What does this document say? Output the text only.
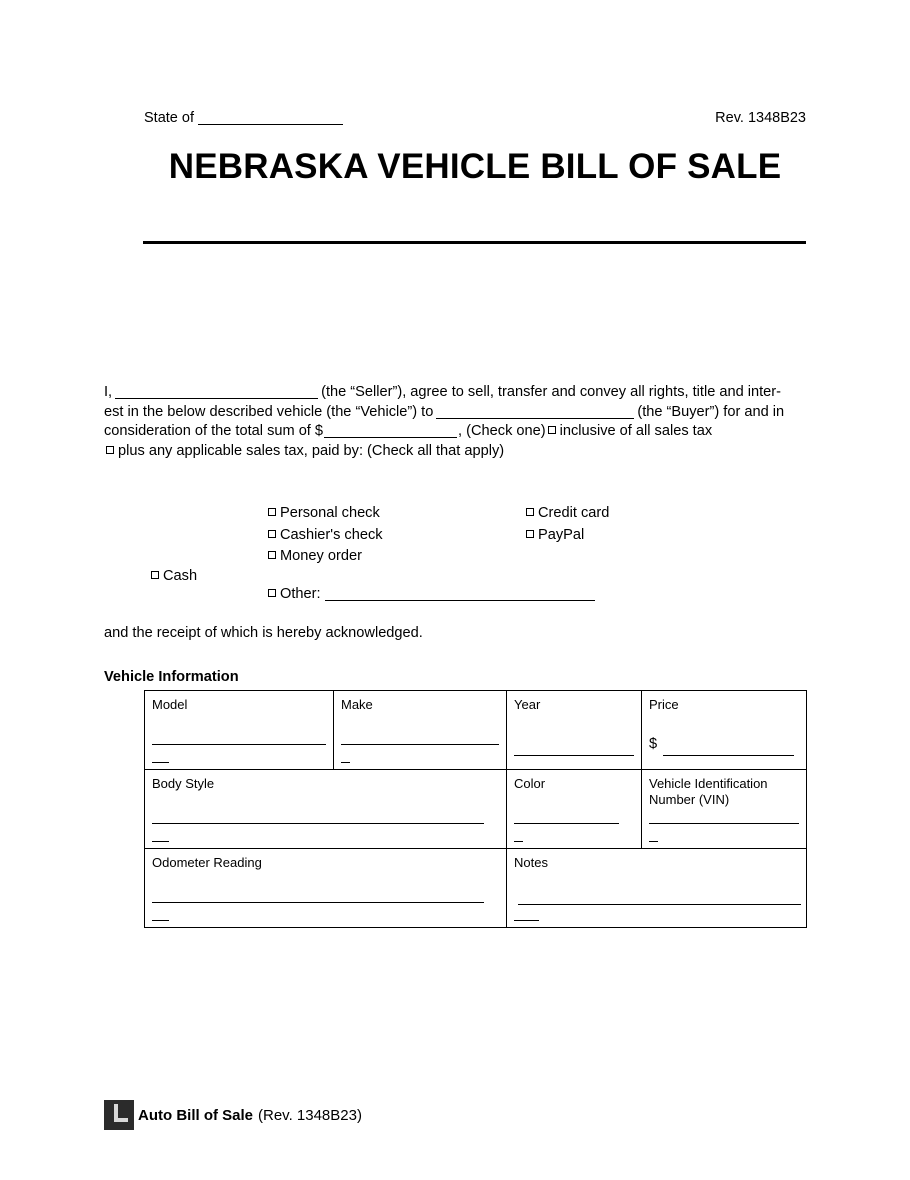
State of	Rev. 1348B23
NEBRASKA VEHICLE BILL OF SALE
I,	(the “Seller”), agree to sell, transfer and convey all rights, title and inter-
est in the below described vehicle (the “Vehicle”) to	(the “Buyer”) for and in
consideration of the total sum of $	, (Check one) inclusive of all sales tax
plus any applicable sales tax, paid by: (Check all that apply)
Cash
Personal check
Cashier's check
Money order
Credit card
PayPal
Other:
and the receipt of which is hereby acknowledged.
Vehicle Information
Model	Make	Year	Price
$

Body Style		Color	Vehicle Identification Number (VIN)

Odometer Reading		Notes	
Auto Bill of Sale (Rev. 1348B23)
